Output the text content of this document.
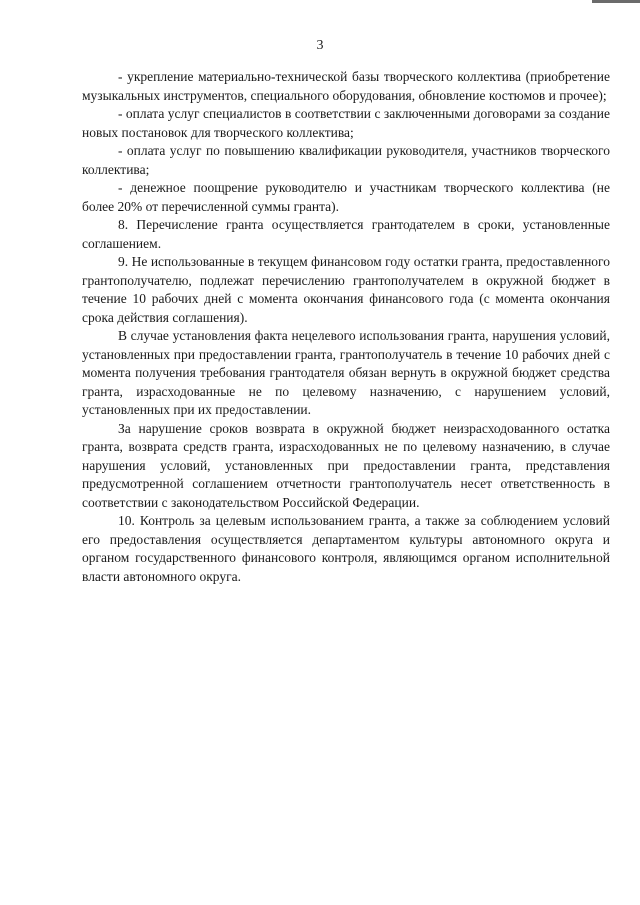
3

- укрепление материально-технической базы творческого коллектива (приобретение музыкальных инструментов, специального оборудования, обновление костюмов и прочее);

- оплата услуг специалистов в соответствии с заключенными договорами за создание новых постановок для творческого коллектива;

- оплата услуг по повышению квалификации руководителя, участников творческого коллектива;

- денежное поощрение руководителю и участникам творческого коллектива (не более 20% от перечисленной суммы гранта).

8. Перечисление гранта осуществляется грантодателем в сроки, установленные соглашением.

9. Не использованные в текущем финансовом году остатки гранта, предоставленного грантополучателю, подлежат перечислению грантополучателем в окружной бюджет в течение 10 рабочих дней с момента окончания финансового года (с момента окончания срока действия соглашения).

В случае установления факта нецелевого использования гранта, нарушения условий, установленных при предоставлении гранта, грантополучатель в течение 10 рабочих дней с момента получения требования грантодателя обязан вернуть в окружной бюджет средства гранта, израсходованные не по целевому назначению, с нарушением условий, установленных при их предоставлении.

За нарушение сроков возврата в окружной бюджет неизрасходованного остатка гранта, возврата средств гранта, израсходованных не по целевому назначению, в случае нарушения условий, установленных при предоставлении гранта, представления предусмотренной соглашением отчетности грантополучатель несет ответственность в соответствии с законодательством Российской Федерации.

10. Контроль за целевым использованием гранта, а также за соблюдением условий его предоставления осуществляется департаментом культуры автономного округа и органом государственного финансового контроля, являющимся органом исполнительной власти автономного округа.
